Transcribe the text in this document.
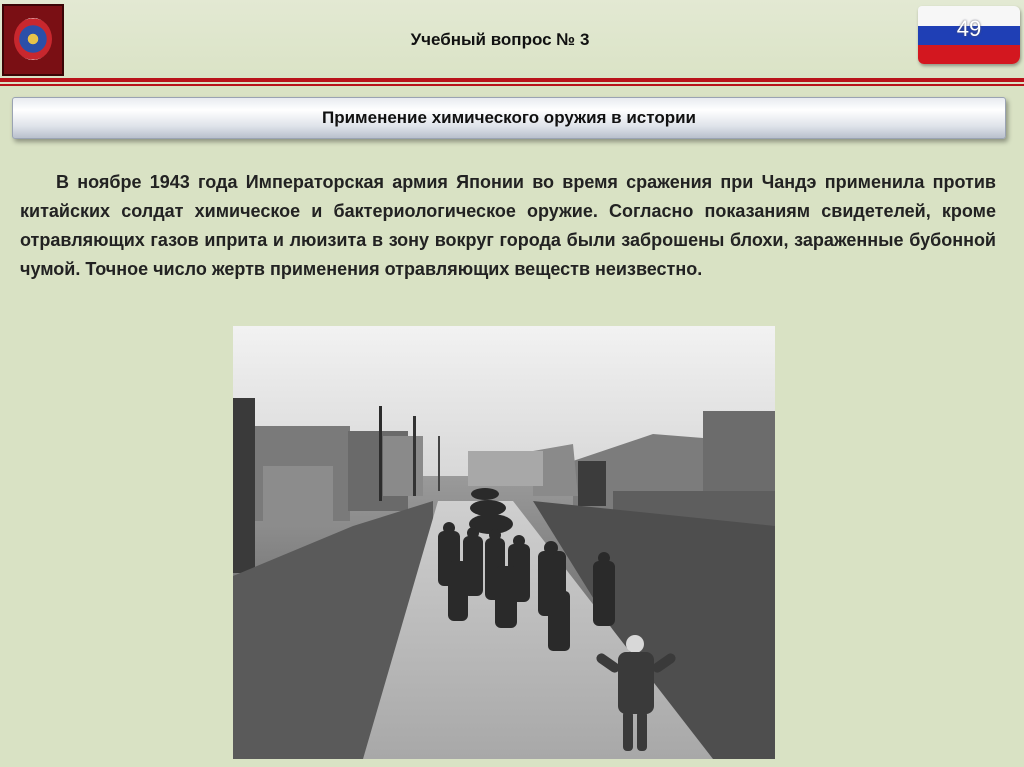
Учебный вопрос № 3	49
Применение химического оружия в истории
В ноябре 1943 года Императорская армия Японии во время сражения при Чандэ применила против китайских солдат химическое и бактериологическое оружие. Согласно показаниям свидетелей, кроме отравляющих газов иприта и люизита в зону вокруг города были заброшены блохи, зараженные бубонной чумой. Точное число жертв применения отравляющих веществ неизвестно.
